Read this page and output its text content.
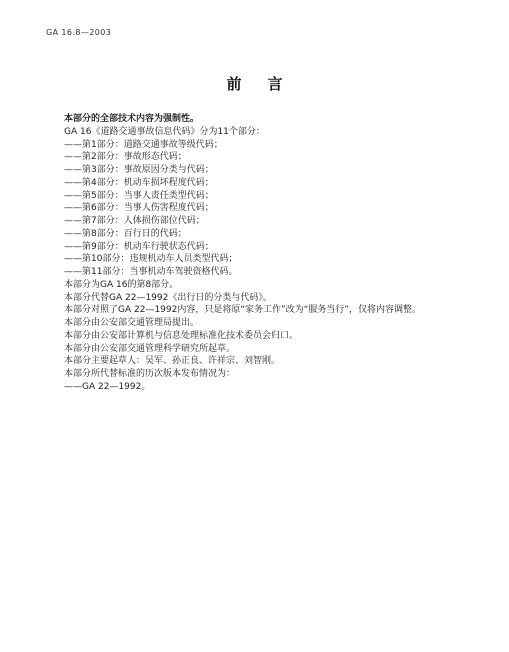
GA 16.8—2003
前言
本部分的全部技术内容为强制性。
GA 16《道路交通事故信息代码》分为11个部分：
——第1部分：道路交通事故等级代码；
——第2部分：事故形态代码；
——第3部分：事故原因分类与代码；
——第4部分：机动车损坏程度代码；
——第5部分：当事人责任类型代码；
——第6部分：当事人伤害程度代码；
——第7部分：人体损伤部位代码；
——第8部分：百行日的代码；
——第9部分：机动车行驶状态代码；
——第10部分：违规机动车人员类型代码；
——第11部分：当事机动车驾驶资格代码。
本部分为GA 16的第8部分。
本部分代替GA 22—1992《出行日的分类与代码》。
本部分对照了GA 22—1992内容，只是将原“家务工作”改为“服务当行”，仅将内容调整。
本部分由公安部交通管理局提出。
本部分由公安部计算机与信息处理标准化技术委员会归口。
本部分由公安部交通管理科学研究所起草。
本部分主要起草人：吴军、孙正良、许祥宗、刘智刚。
本部分所代替标准的历次版本发布情况为：
——GA 22—1992。
